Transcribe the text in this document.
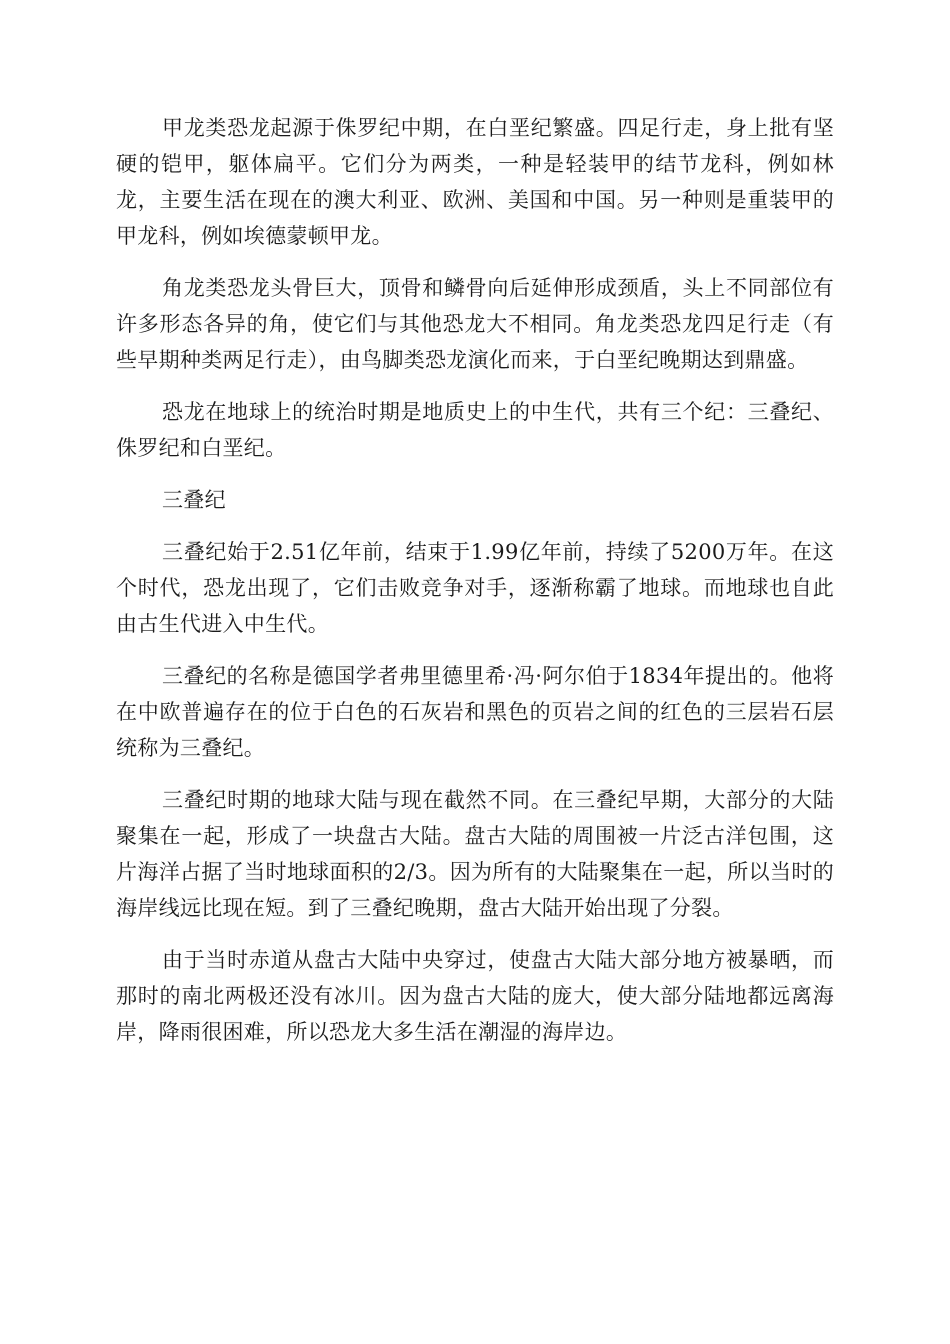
甲龙类恐龙起源于侏罗纪中期，在白垩纪繁盛。四足行走，身上批有坚硬的铠甲，躯体扁平。它们分为两类，一种是轻装甲的结节龙科，例如林龙，主要生活在现在的澳大利亚、欧洲、美国和中国。另一种则是重装甲的甲龙科，例如埃德蒙顿甲龙。

角龙类恐龙头骨巨大，顶骨和鳞骨向后延伸形成颈盾，头上不同部位有许多形态各异的角，使它们与其他恐龙大不相同。角龙类恐龙四足行走（有些早期种类两足行走），由鸟脚类恐龙演化而来，于白垩纪晚期达到鼎盛。

恐龙在地球上的统治时期是地质史上的中生代，共有三个纪：三叠纪、侏罗纪和白垩纪。

三叠纪

三叠纪始于2.51亿年前，结束于1.99亿年前，持续了5200万年。在这个时代，恐龙出现了，它们击败竞争对手，逐渐称霸了地球。而地球也自此由古生代进入中生代。

三叠纪的名称是德国学者弗里德里希·冯·阿尔伯于1834年提出的。他将在中欧普遍存在的位于白色的石灰岩和黑色的页岩之间的红色的三层岩石层统称为三叠纪。

三叠纪时期的地球大陆与现在截然不同。在三叠纪早期，大部分的大陆聚集在一起，形成了一块盘古大陆。盘古大陆的周围被一片泛古洋包围，这片海洋占据了当时地球面积的2/3。因为所有的大陆聚集在一起，所以当时的海岸线远比现在短。到了三叠纪晚期，盘古大陆开始出现了分裂。

由于当时赤道从盘古大陆中央穿过，使盘古大陆大部分地方被暴晒，而那时的南北两极还没有冰川。因为盘古大陆的庞大，使大部分陆地都远离海岸，降雨很困难，所以恐龙大多生活在潮湿的海岸边。
